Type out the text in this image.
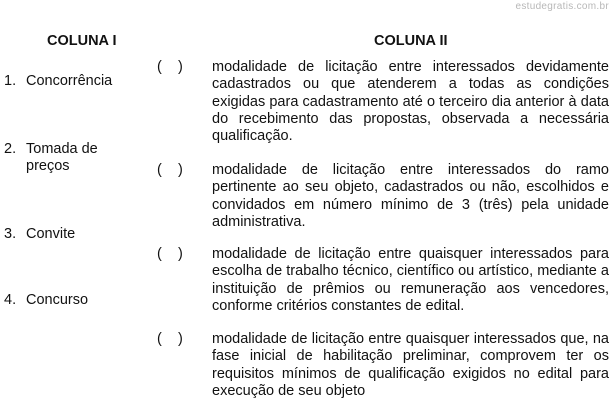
estudegratis.com.br
COLUNA I	COLUNA II
1. Concorrência
2. Tomada de preços
3. Convite
4. Concurso
(    ) modalidade de licitação entre interessados devidamente cadastrados ou que atenderem a todas as condições exigidas para cadastramento até o terceiro dia anterior à data do recebimento das propostas, observada a necessária qualificação.
(    ) modalidade de licitação entre interessados do ramo pertinente ao seu objeto, cadastrados ou não, escolhidos e convidados em número mínimo de 3 (três) pela unidade administrativa.
(    ) modalidade de licitação entre quaisquer interessados para escolha de trabalho técnico, científico ou artístico, mediante a instituição de prêmios ou remuneração aos vencedores, conforme critérios constantes de edital.
(    ) modalidade de licitação entre quaisquer interessados que, na fase inicial de habilitação preliminar, comprovem ter os requisitos mínimos de qualificação exigidos no edital para execução de seu objeto
